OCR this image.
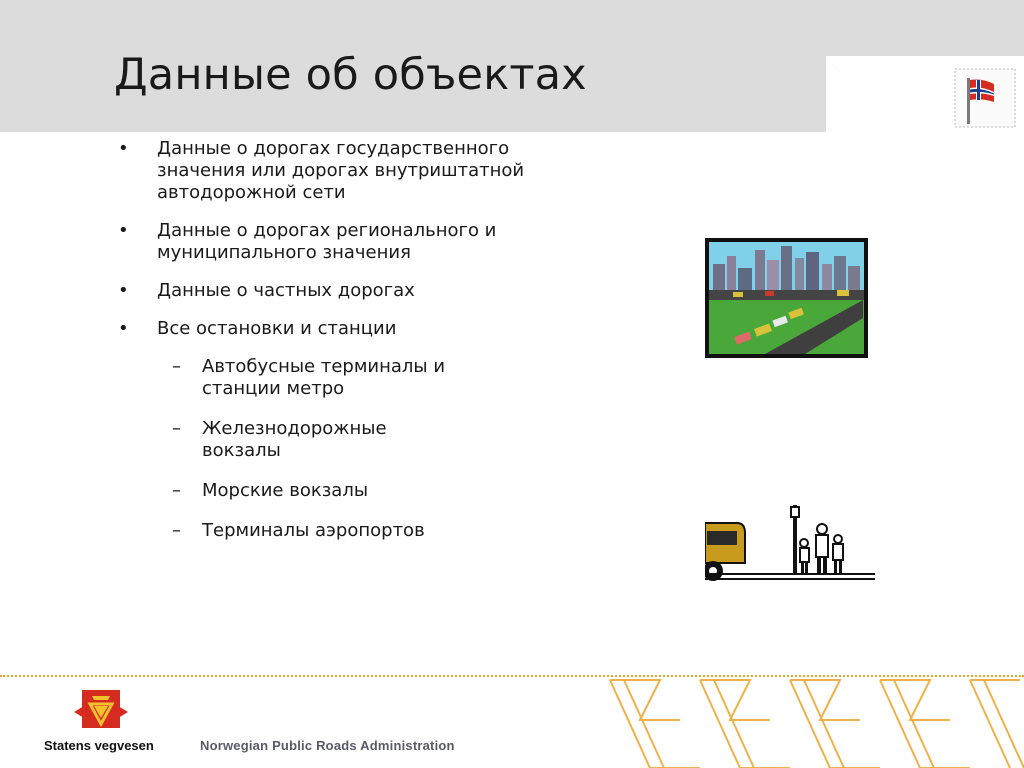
Данные об объектах
• Данные о дорогах государственного значения или дорогах внутриштатной автодорожной сети
• Данные о дорогах регионального и муниципального значения
• Данные о частных дорогах
• Все остановки и станции
– Автобусные терминалы и станции метро
– Железнодорожные вокзалы
– Морские вокзалы
– Терминалы аэропортов
Statens vegvesen	Norwegian Public Roads Administration
